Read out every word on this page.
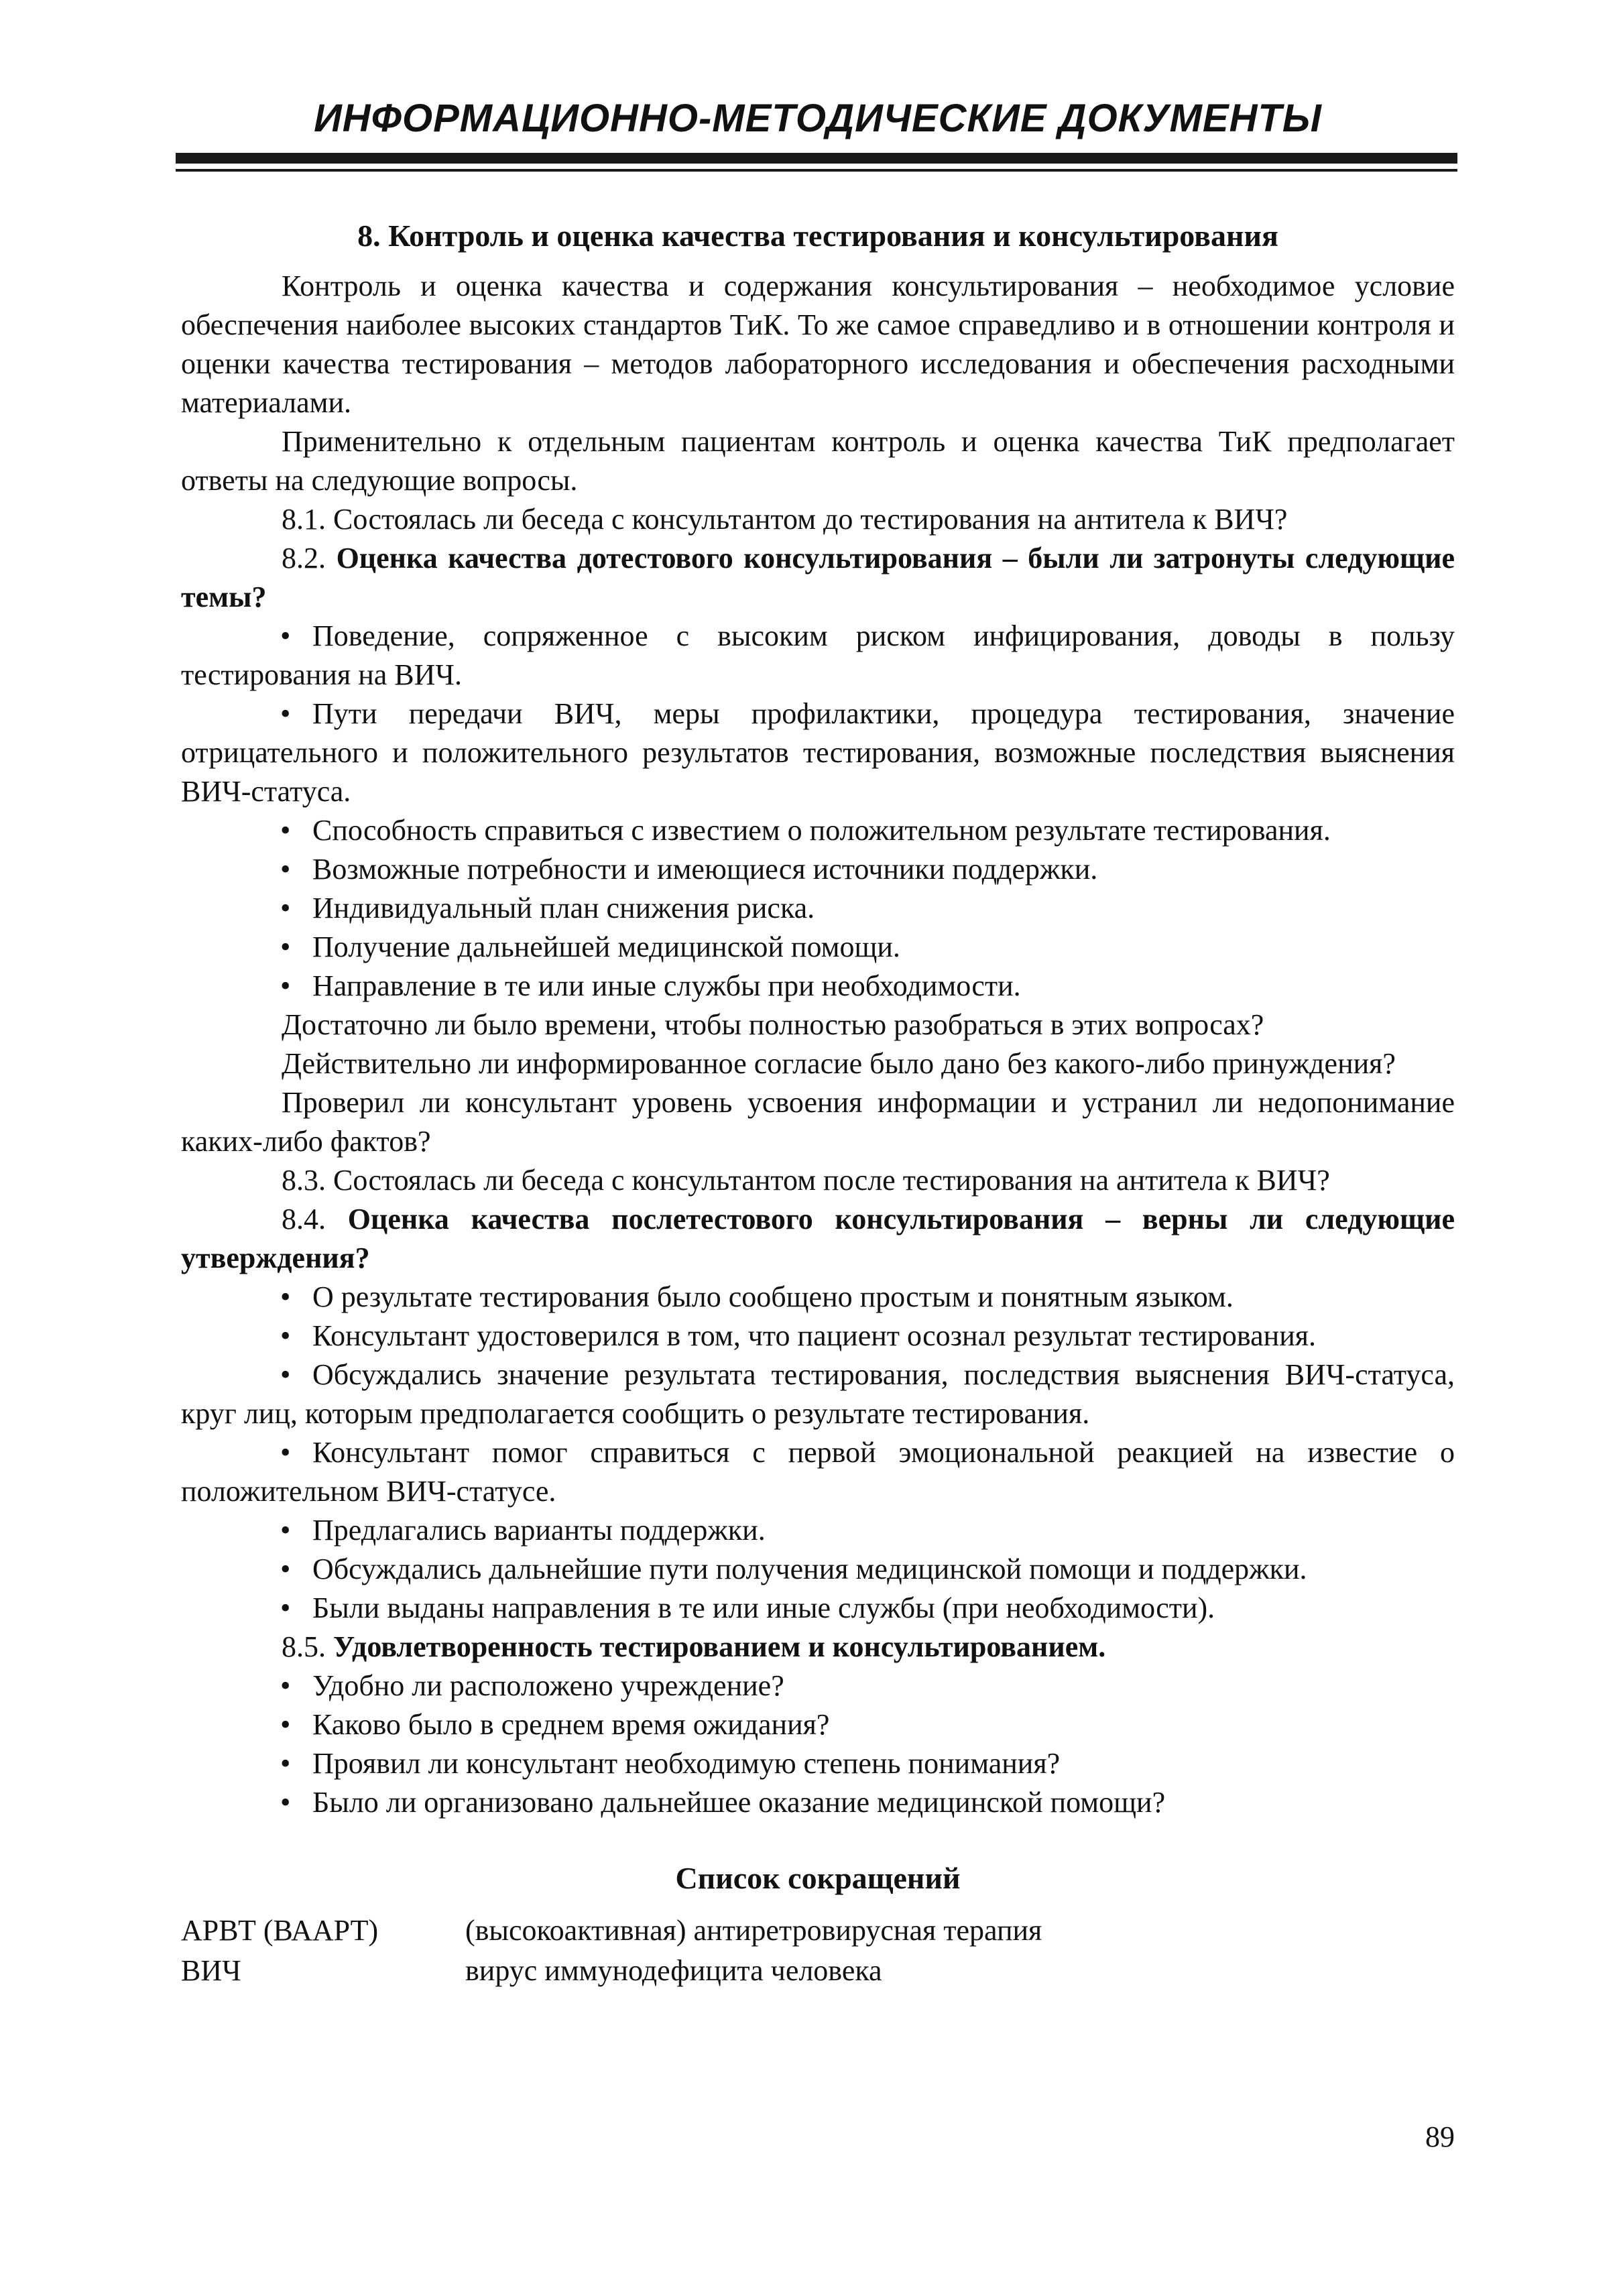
ИНФОРМАЦИОННО-МЕТОДИЧЕСКИЕ ДОКУМЕНТЫ
8. Контроль и оценка качества тестирования и консультирования

Контроль и оценка качества и содержания консультирования – необходимое условие обеспечения наиболее высоких стандартов ТиК. То же самое справедливо и в отношении контроля и оценки качества тестирования – методов лабораторного исследования и обеспечения расходными материалами.

Применительно к отдельным пациентам контроль и оценка качества ТиК предполагает ответы на следующие вопросы.

8.1. Состоялась ли беседа с консультантом до тестирования на антитела к ВИЧ?

8.2. Оценка качества дотестового консультирования – были ли затронуты следующие темы?

• Поведение, сопряженное с высоким риском инфицирования, доводы в пользу тестирования на ВИЧ.

• Пути передачи ВИЧ, меры профилактики, процедура тестирования, значение отрицательного и положительного результатов тестирования, возможные последствия выяснения ВИЧ-статуса.

• Способность справиться с известием о положительном результате тестирования.

• Возможные потребности и имеющиеся источники поддержки.

• Индивидуальный план снижения риска.

• Получение дальнейшей медицинской помощи.

• Направление в те или иные службы при необходимости.

Достаточно ли было времени, чтобы полностью разобраться в этих вопросах?

Действительно ли информированное согласие было дано без какого-либо принуждения?

Проверил ли консультант уровень усвоения информации и устранил ли недопонимание каких-либо фактов?

8.3. Состоялась ли беседа с консультантом после тестирования на антитела к ВИЧ?

8.4. Оценка качества послетестового консультирования – верны ли следующие утверждения?

• О результате тестирования было сообщено простым и понятным языком.

• Консультант удостоверился в том, что пациент осознал результат тестирования.

• Обсуждались значение результата тестирования, последствия выяснения ВИЧ-статуса, круг лиц, которым предполагается сообщить о результате тестирования.

• Консультант помог справиться с первой эмоциональной реакцией на известие о положительном ВИЧ-статусе.

• Предлагались варианты поддержки.

• Обсуждались дальнейшие пути получения медицинской помощи и поддержки.

• Были выданы направления в те или иные службы (при необходимости).

8.5. Удовлетворенность тестированием и консультированием.

• Удобно ли расположено учреждение?

• Каково было в среднем время ожидания?

• Проявил ли консультант необходимую степень понимания?

• Было ли организовано дальнейшее оказание медицинской помощи?

Список сокращений
АРВТ (ВААРТ)	(высокоактивная) антиретровирусная терапия
ВИЧ	вирус иммунодефицита человека
89
